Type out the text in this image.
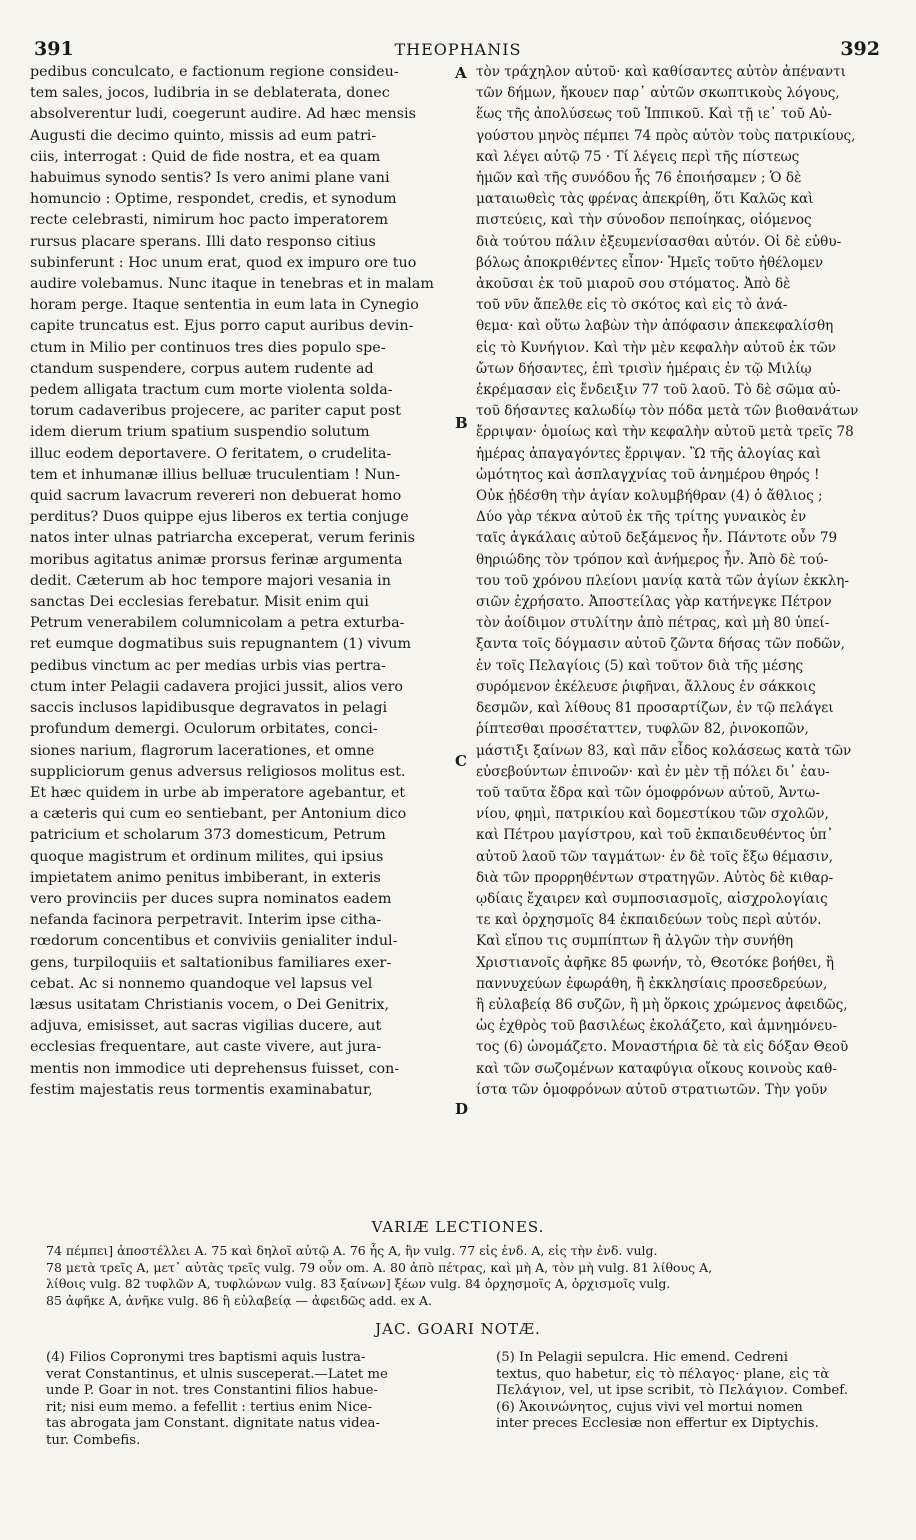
391	THEOPHANIS	392
pedibus conculcato, e factionum regione consideu-
tem sales, jocos, ludibria in se deblaterata, donec
absolverentur ludi, coegerunt audire. Ad hæc mensis
Augusti die decimo quinto, missis ad eum patri-
ciis, interrogat : Quid de fide nostra, et ea quam
habuimus synodo sentis? Is vero animi plane vani
homuncio : Optime, respondet, credis, et synodum
recte celebrasti, nimirum hoc pacto imperatorem
rursus placare sperans. Illi dato responso citius
subinferunt : Hoc unum erat, quod ex impuro ore tuo
audire volebamus. Nunc itaque in tenebras et in malam
horam perge. Itaque sententia in eum lata in Cynegio
capite truncatus est. Ejus porro caput auribus devin-
ctum in Milio per continuos tres dies populo spe-
ctandum suspendere, corpus autem rudente ad
pedem alligata tractum cum morte violenta solda-
torum cadaveribus projecere, ac pariter caput post
idem dierum trium spatium suspendio solutum
illuc eodem deportavere. O feritatem, o crudelita-
tem et inhumanæ illius belluæ truculentiam ! Nun-
quid sacrum lavacrum revereri non debuerat homo
perditus? Duos quippe ejus liberos ex tertia conjuge
natos inter ulnas patriarcha exceperat, verum ferinis
moribus agitatus animæ prorsus ferinæ argumenta
dedit. Cæterum ab hoc tempore majori vesania in
sanctas Dei ecclesias ferebatur. Misit enim qui
Petrum venerabilem columnicolam a petra exturba-
ret eumque dogmatibus suis repugnantem (1) vivum
pedibus vinctum ac per medias urbis vias pertra-
ctum inter Pelagii cadavera projici jussit, alios vero
saccis inclusos lapidibusque degravatos in pelagi
profundum demergi. Oculorum orbitates, conci-
siones narium, flagrorum lacerationes, et omne
suppliciorum genus adversus religiosos molitus est.
Et hæc quidem in urbe ab imperatore agebantur, et
a cæteris qui cum eo sentiebant, per Antonium dico
patricium et scholarum 373 domesticum, Petrum
quoque magistrum et ordinum milites, qui ipsius
impietatem animo penitus imbiberant, in exteris
vero provinciis per duces supra nominatos eadem
nefanda facinora perpetravit. Interim ipse citha-
rœdorum concentibus et conviviis genialiter indul-
gens, turpiloquiis et saltationibus familiares exer-
cebat. Ac si nonnemo quandoque vel lapsus vel
læsus usitatam Christianis vocem, o Dei Genitrix,
adjuva, emisisset, aut sacras vigilias ducere, aut
ecclesias frequentare, aut caste vivere, aut jura-
mentis non immodice uti deprehensus fuisset, con-
festim majestatis reus tormentis examinabatur,
τὸν τράχηλον αὐτοῦ· καὶ καθίσαντες αὐτὸν ἀπέναντι
τῶν δήμων, ἤκουεν παρ᾽ αὐτῶν σκωπτικοὺς λόγους,
ἕως τῆς ἀπολύσεως τοῦ Ἱππικοῦ. Καὶ τῇ ιε᾽ τοῦ Αὐ-
γούστου μηνὸς πέμπει 74 πρὸς αὐτὸν τοὺς πατρικίους,
καὶ λέγει αὐτῷ 75 · Τί λέγεις περὶ τῆς πίστεως
ἡμῶν καὶ τῆς συνόδου ἧς 76 ἐποιήσαμεν ; Ὁ δὲ
ματαιωθεὶς τὰς φρένας ἀπεκρίθη, ὅτι Καλῶς καὶ
πιστεύεις, καὶ τὴν σύνοδον πεποίηκας, οἰόμενος
διὰ τούτου πάλιν ἐξευμενίσασθαι αὐτόν. Οἱ δὲ εὐθυ-
βόλως ἀποκριθέντες εἶπον· Ἡμεῖς τοῦτο ἠθέλομεν
ἀκοῦσαι ἐκ τοῦ μιαροῦ σου στόματος. Ἀπὸ δὲ
τοῦ νῦν ἄπελθε εἰς τὸ σκότος καὶ εἰς τὸ ἀνά-
θεμα· καὶ οὕτω λαβὼν τὴν ἀπόφασιν ἀπεκεφαλίσθη
εἰς τὸ Κυνήγιον. Καὶ τὴν μὲν κεφαλὴν αὐτοῦ ἐκ τῶν
ὤτων δήσαντες, ἐπὶ τρισὶν ἡμέραις ἐν τῷ Μιλίῳ
ἐκρέμασαν εἰς ἔνδειξιν 77 τοῦ λαοῦ. Τὸ δὲ σῶμα αὐ-
τοῦ δήσαντες καλωδίῳ τὸν πόδα μετὰ τῶν βιοθανάτων
ἔρριψαν· ὁμοίως καὶ τὴν κεφαλὴν αὐτοῦ μετὰ τρεῖς 78
ἡμέρας ἀπαγαγόντες ἔρριψαν. Ὢ τῆς ἀλογίας καὶ
ὠμότητος καὶ ἀσπλαγχνίας τοῦ ἀνημέρου θηρός !
Οὐκ ᾐδέσθη τὴν ἁγίαν κολυμβήθραν (4) ὁ ἄθλιος ;
Δύο γὰρ τέκνα αὐτοῦ ἐκ τῆς τρίτης γυναικὸς ἐν
ταῖς ἀγκάλαις αὐτοῦ δεξάμενος ἦν. Πάντοτε οὖν 79
θηριώδης τὸν τρόπον καὶ ἀνήμερος ἦν. Ἀπὸ δὲ τού-
του τοῦ χρόνου πλείονι μανίᾳ κατὰ τῶν ἁγίων ἐκκλη-
σιῶν ἐχρήσατο. Ἀποστείλας γὰρ κατήνεγκε Πέτρον
τὸν ἀοίδιμον στυλίτην ἀπὸ πέτρας, καὶ μὴ 80 ὑπεί-
ξαντα τοῖς δόγμασιν αὐτοῦ ζῶντα δήσας τῶν ποδῶν,
ἐν τοῖς Πελαγίοις (5) καὶ τοῦτον διὰ τῆς μέσης
συρόμενον ἐκέλευσε ῥιφῆναι, ἄλλους ἐν σάκκοις
δεσμῶν, καὶ λίθους 81 προσαρτίζων, ἐν τῷ πελάγει
ῥίπτεσθαι προσέταττεν, τυφλῶν 82, ῥινοκοπῶν,
μάστιξι ξαίνων 83, καὶ πᾶν εἶδος κολάσεως κατὰ τῶν
εὐσεβούντων ἐπινοῶν· καὶ ἐν μὲν τῇ πόλει δι᾽ ἑαυ-
τοῦ ταῦτα ἔδρα καὶ τῶν ὁμοφρόνων αὐτοῦ, Ἀντω-
νίου, φημὶ, πατρικίου καὶ δομεστίκου τῶν σχολῶν,
καὶ Πέτρου μαγίστρου, καὶ τοῦ ἐκπαιδευθέντος ὑπ᾽
αὐτοῦ λαοῦ τῶν ταγμάτων· ἐν δὲ τοῖς ἔξω θέμασιν,
διὰ τῶν προρρηθέντων στρατηγῶν. Αὐτὸς δὲ κιθαρ-
ῳδίαις ἔχαιρεν καὶ συμποσιασμοῖς, αἰσχρολογίαις
τε καὶ ὀρχησμοῖς 84 ἐκπαιδεύων τοὺς περὶ αὐτόν.
Καὶ εἴπου τις συμπίπτων ἢ ἀλγῶν τὴν συνήθη
Χριστιανοῖς ἀφῆκε 85 φωνήν, τὸ, Θεοτόκε βοήθει, ἢ
παννυχεύων ἐφωράθη, ἢ ἐκκλησίαις προσεδρεύων,
ἢ εὐλαβείᾳ 86 συζῶν, ἢ μὴ ὅρκοις χρώμενος ἀφειδῶς,
ὡς ἐχθρὸς τοῦ βασιλέως ἐκολάζετο, καὶ ἀμνημόνευ-
τος (6) ὠνομάζετο. Μοναστήρια δὲ τὰ εἰς δόξαν Θεοῦ
καὶ τῶν σωζομένων καταφύγια οἴκους κοινοὺς καθ-
ίστα τῶν ὁμοφρόνων αὐτοῦ στρατιωτῶν. Τὴν γοῦν
A
B
C
D
VARIÆ LECTIONES.
74 πέμπει] ἀποστέλλει A. 75 καὶ δηλοῖ αὐτῷ A. 76 ἧς A, ἣν vulg. 77 εἰς ἐνδ. A, εἰς τὴν ἐνδ. vulg.
78 μετὰ τρεῖς A, μετ᾽ αὐτὰς τρεῖς vulg. 79 οὖν om. A. 80 ἀπὸ πέτρας, καὶ μὴ A, τὸν μὴ vulg. 81 λίθους A,
λίθοις vulg. 82 τυφλῶν A, τυφλώνων vulg. 83 ξαίνων] ξέων vulg. 84 ὀρχησμοῖς A, ὀρχισμοῖς vulg.
85 ἀφῆκε A, ἀνῆκε vulg. 86 ἢ εὐλαβείᾳ — ἀφειδῶς add. ex A.
JAC. GOARI NOTÆ.
(4) Filios Copronymi tres baptismi aquis lustra-
verat Constantinus, et ulnis susceperat.—Latet me
unde P. Goar in not. tres Constantini filios habue-
rit; nisi eum memo. a fefellit : tertius enim Nice-
tas abrogata jam Constant. dignitate natus videa-
tur. Combefis.
(5) In Pelagii sepulcra. Hic emend. Cedreni
textus, quo habetur, εἰς τὸ πέλαγος· plane, εἰς τὰ
Πελάγιον, vel, ut ipse scribit, τὸ Πελάγιον. Combef.
(6) Ἀκοινώνητος, cujus vivi vel mortui nomen
inter preces Ecclesiæ non effertur ex Diptychis.
